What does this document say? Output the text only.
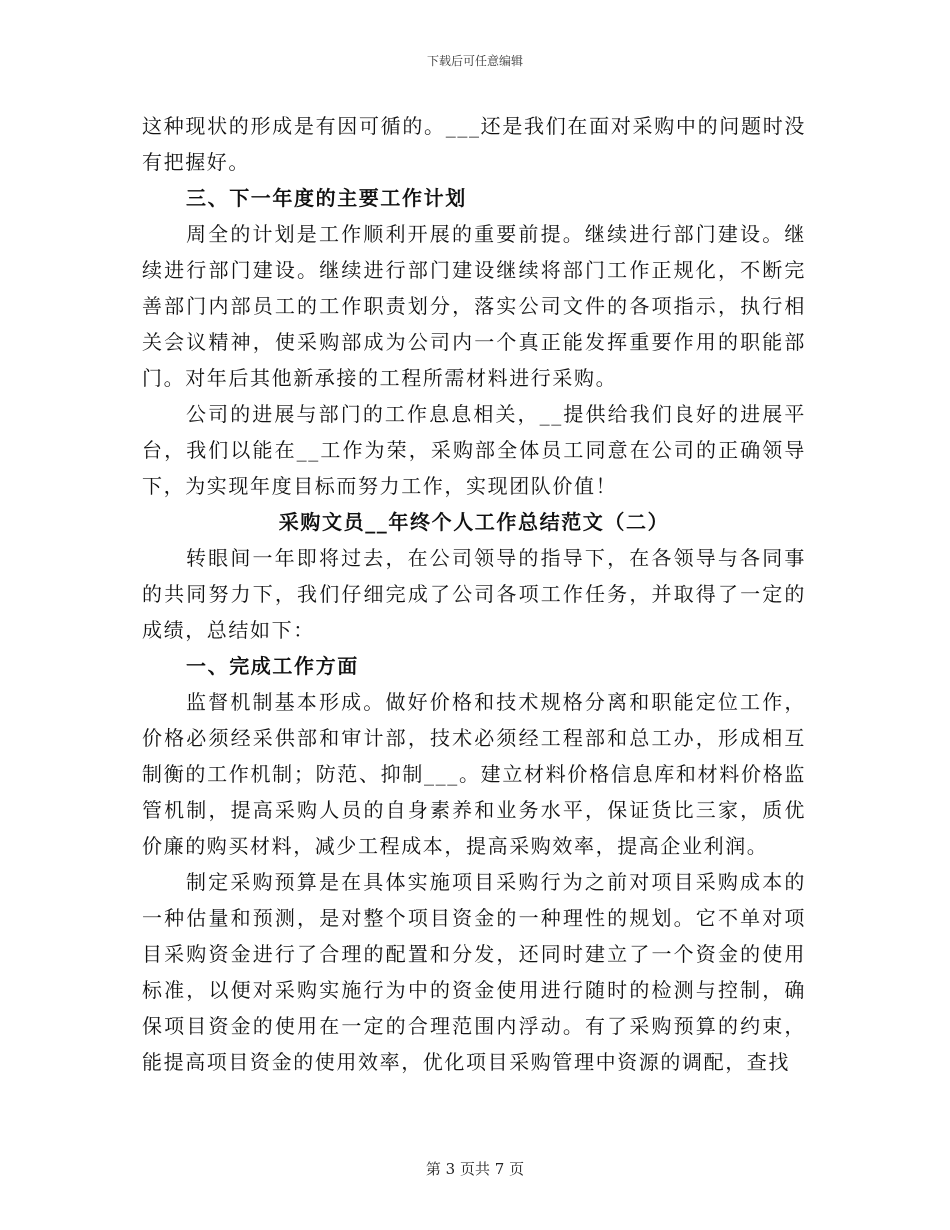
下载后可任意编辑

这种现状的形成是有因可循的。___还是我们在面对采购中的问题时没有把握好。

三、下一年度的主要工作计划

周全的计划是工作顺利开展的重要前提。继续进行部门建设。继续进行部门建设。继续进行部门建设继续将部门工作正规化，不断完善部门内部员工的工作职责划分，落实公司文件的各项指示，执行相关会议精神，使采购部成为公司内一个真正能发挥重要作用的职能部门。对年后其他新承接的工程所需材料进行采购。

公司的进展与部门的工作息息相关，__提供给我们良好的进展平台，我们以能在__工作为荣，采购部全体员工同意在公司的正确领导下，为实现年度目标而努力工作，实现团队价值！

采购文员__年终个人工作总结范文（二）

转眼间一年即将过去，在公司领导的指导下，在各领导与各同事的共同努力下，我们仔细完成了公司各项工作任务，并取得了一定的成绩，总结如下：

一、完成工作方面

监督机制基本形成。做好价格和技术规格分离和职能定位工作，价格必须经采供部和审计部，技术必须经工程部和总工办，形成相互制衡的工作机制；防范、抑制___。建立材料价格信息库和材料价格监管机制，提高采购人员的自身素养和业务水平，保证货比三家，质优价廉的购买材料，减少工程成本，提高采购效率，提高企业利润。

制定采购预算是在具体实施项目采购行为之前对项目采购成本的一种估量和预测，是对整个项目资金的一种理性的规划。它不单对项目采购资金进行了合理的配置和分发，还同时建立了一个资金的使用标准，以便对采购实施行为中的资金使用进行随时的检测与控制，确保项目资金的使用在一定的合理范围内浮动。有了采购预算的约束，能提高项目资金的使用效率，优化项目采购管理中资源的调配，查找

第 3 页共 7 页
